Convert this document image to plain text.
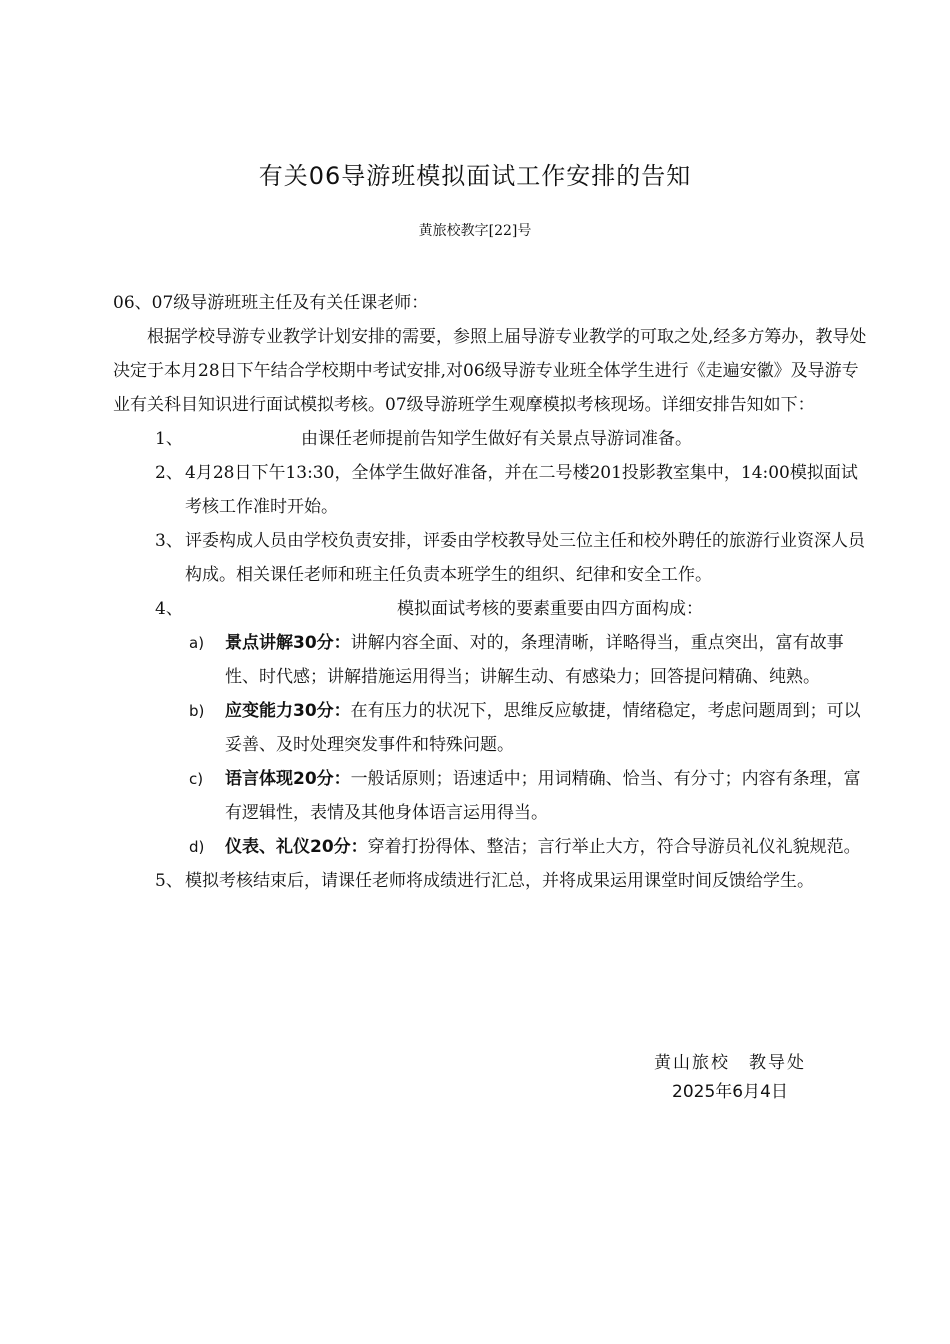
有关06导游班模拟面试工作安排的告知
黄旅校教字[22]号

06、07级导游班班主任及有关任课老师：

根据学校导游专业教学计划安排的需要，参照上届导游专业教学的可取之处,经多方筹办，教导处决定于本月28日下午结合学校期中考试安排,对06级导游专业班全体学生进行《走遍安徽》及导游专业有关科目知识进行面试模拟考核。07级导游班学生观摩模拟考核现场。详细安排告知如下：

1、	由课任老师提前告知学生做好有关景点导游词准备。
2、 4月28日下午13:30，全体学生做好准备，并在二号楼201投影教室集中，14:00模拟面试考核工作准时开始。
3、 评委构成人员由学校负责安排，评委由学校教导处三位主任和校外聘任的旅游行业资深人员构成。相关课任老师和班主任负责本班学生的组织、纪律和安全工作。
4、	模拟面试考核的要素重要由四方面构成：
a) 景点讲解30分：讲解内容全面、对的，条理清晰，详略得当，重点突出，富有故事性、时代感；讲解措施运用得当；讲解生动、有感染力；回答提问精确、纯熟。
b) 应变能力30分：在有压力的状况下，思维反应敏捷，情绪稳定，考虑问题周到；可以妥善、及时处理突发事件和特殊问题。
c) 语言体现20分：一般话原则；语速适中；用词精确、恰当、有分寸；内容有条理，富有逻辑性，表情及其他身体语言运用得当。
d) 仪表、礼仪20分：穿着打扮得体、整洁；言行举止大方，符合导游员礼仪礼貌规范。
5、 模拟考核结束后，请课任老师将成绩进行汇总，并将成果运用课堂时间反馈给学生。
黄山旅校　教导处
2025年6月4日
